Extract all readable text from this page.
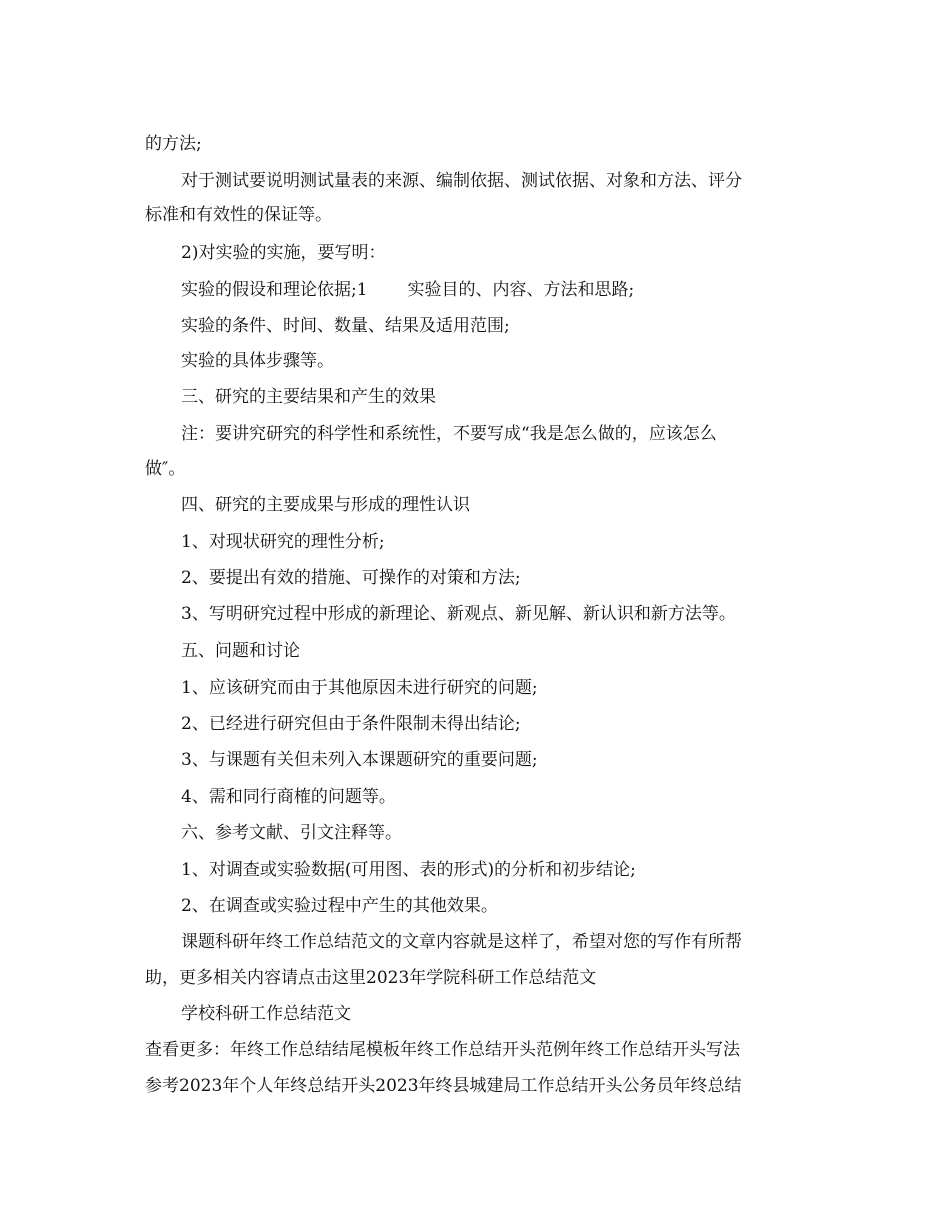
的方法;
对于测试要说明测试量表的来源、编制依据、测试依据、对象和方法、评分
标准和有效性的保证等。
2)对实验的实施，要写明：
实验的假设和理论依据;1 实验目的、内容、方法和思路;
实验的条件、时间、数量、结果及适用范围;
实验的具体步骤等。
三、研究的主要结果和产生的效果
注：要讲究研究的科学性和系统性，不要写成“我是怎么做的，应该怎么
做″。
四、研究的主要成果与形成的理性认识
1、对现状研究的理性分析;
2、要提出有效的措施、可操作的对策和方法;
3、写明研究过程中形成的新理论、新观点、新见解、新认识和新方法等。
五、问题和讨论
1、应该研究而由于其他原因未进行研究的问题;
2、已经进行研究但由于条件限制未得出结论;
3、与课题有关但未列入本课题研究的重要问题;
4、需和同行商榷的问题等。
六、参考文献、引文注释等。
1、对调查或实验数据(可用图、表的形式)的分析和初步结论;
2、在调查或实验过程中产生的其他效果。
课题科研年终工作总结范文的文章内容就是这样了，希望对您的写作有所帮
助，更多相关内容请点击这里2023年学院科研工作总结范文
学校科研工作总结范文
查看更多：年终工作总结结尾模板年终工作总结开头范例年终工作总结开头写法
参考2023年个人年终总结开头2023年终县城建局工作总结开头公务员年终总结
